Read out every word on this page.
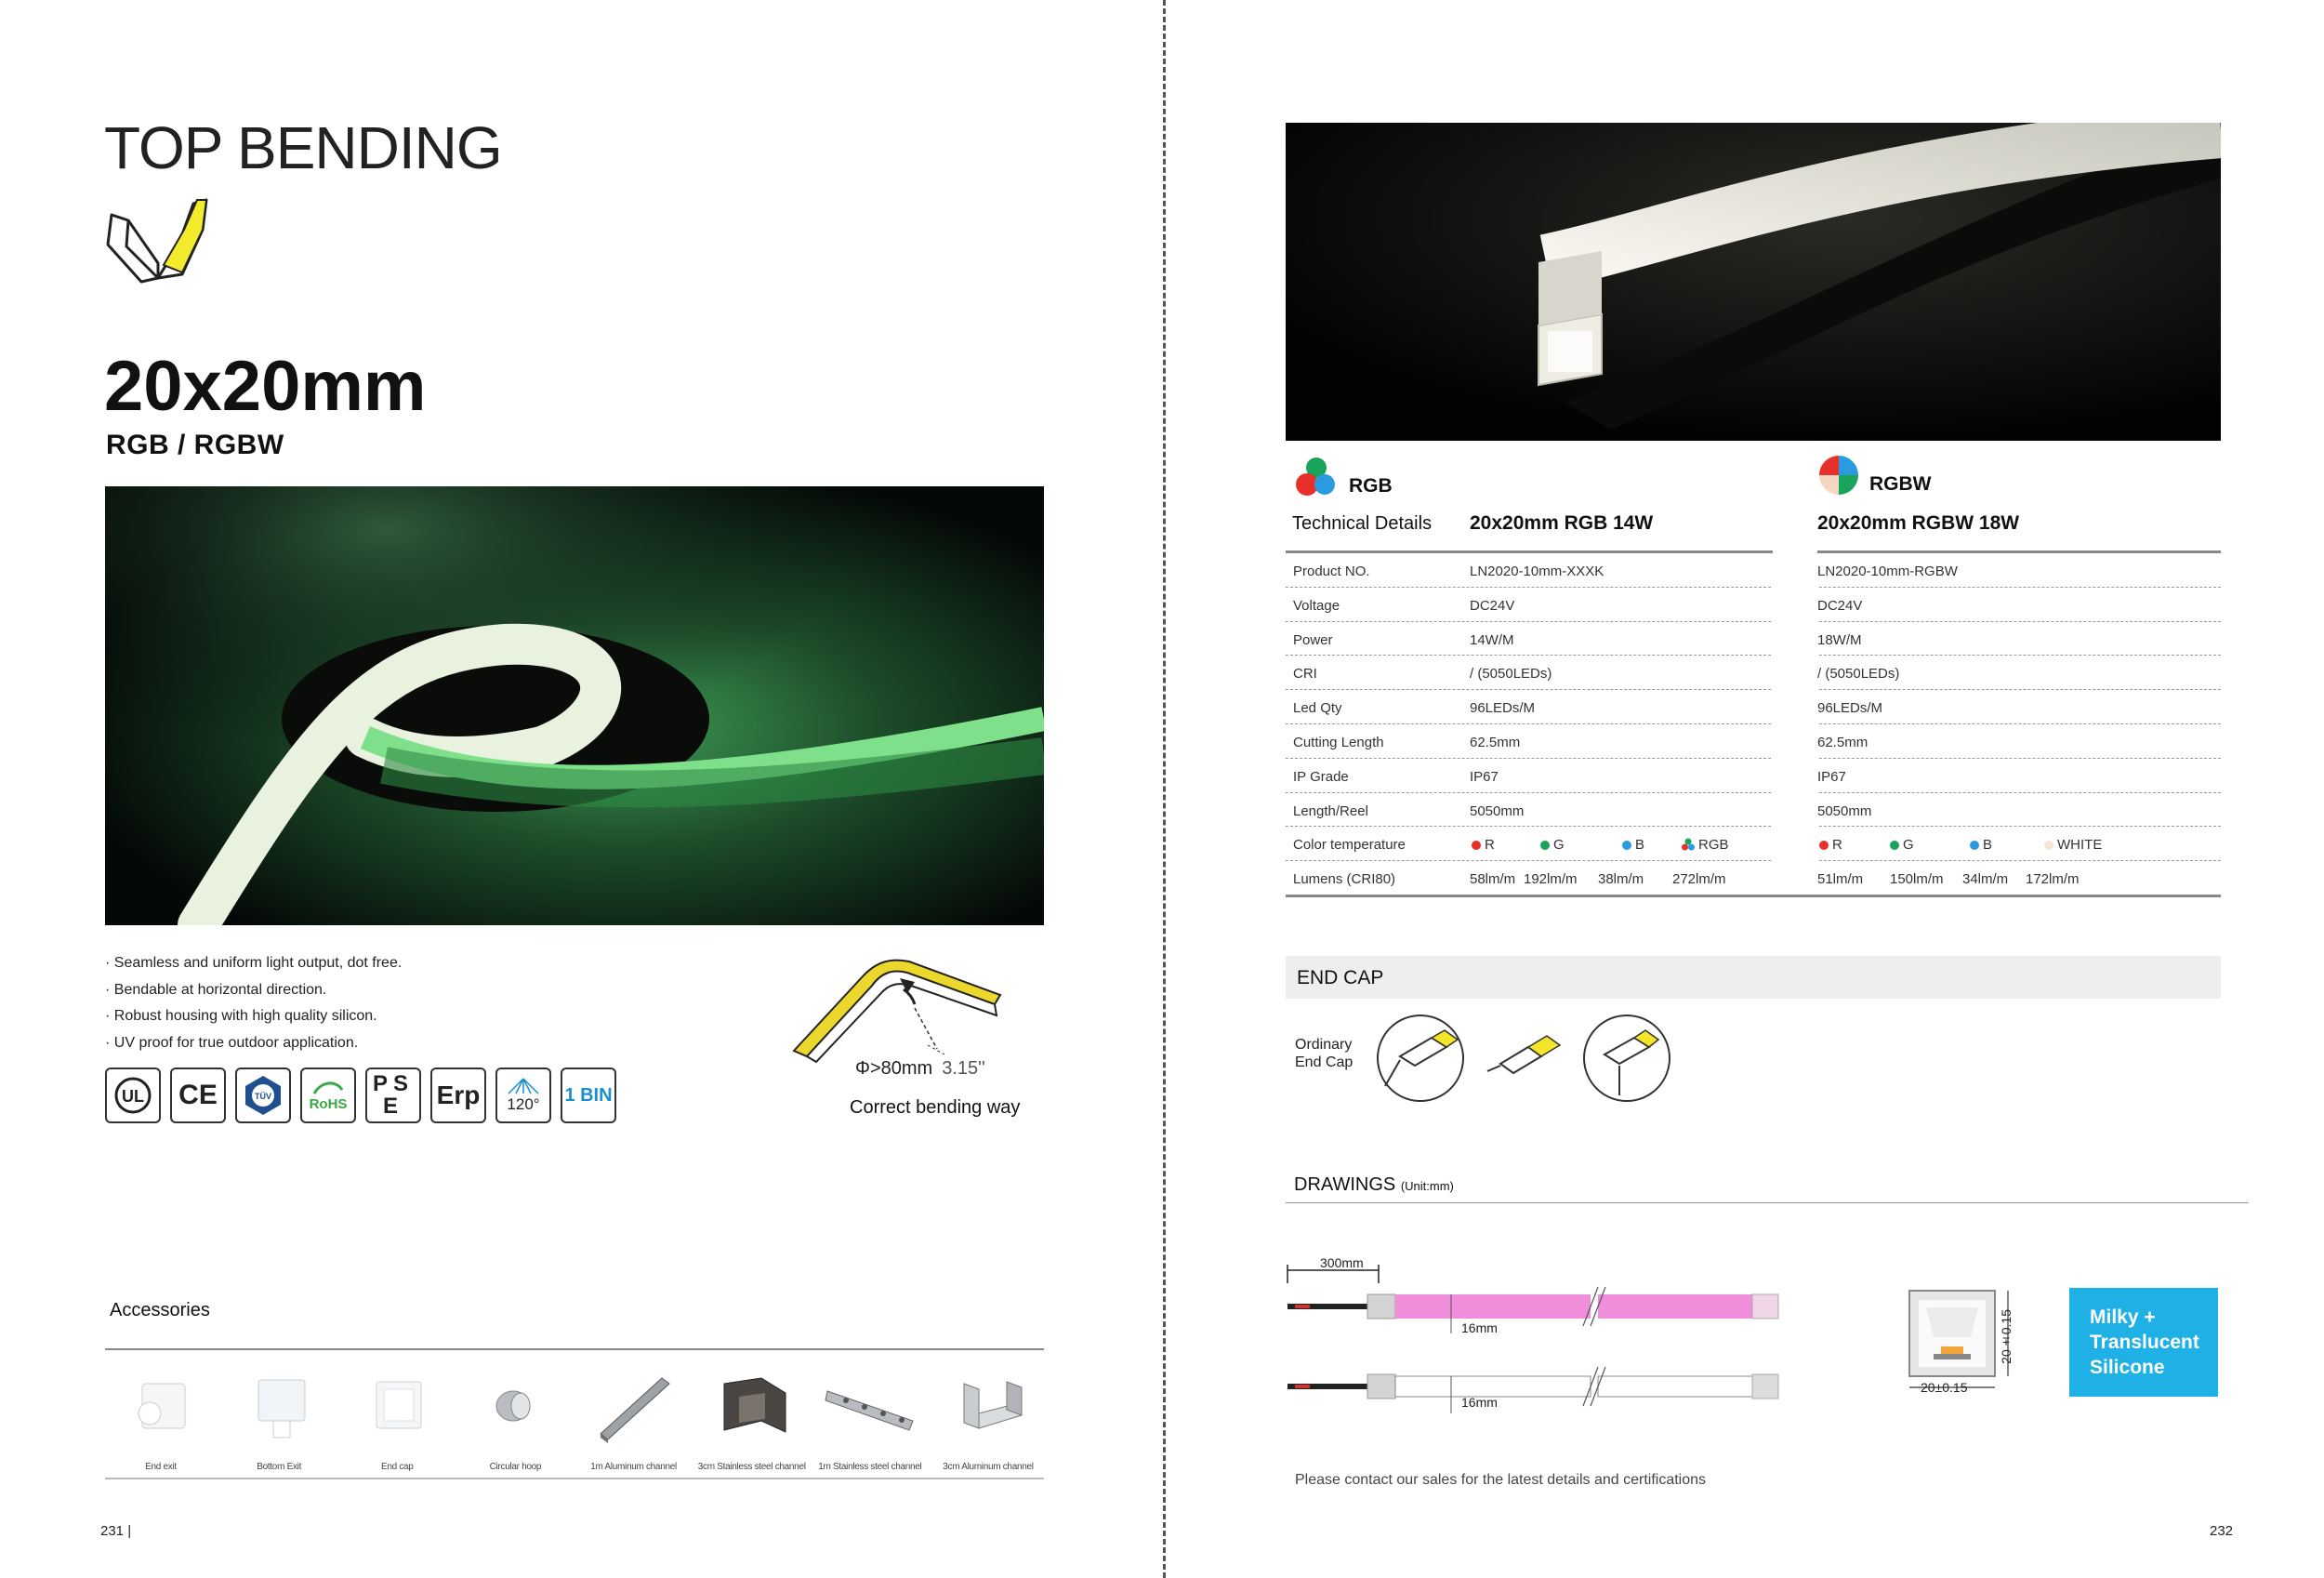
TOP BENDING
20x20mm
RGB / RGBW
· Seamless and uniform light output, dot free.
· Bendable at horizontal direction.
· Robust housing with high quality silicon.
· UV proof for true outdoor application.
UL	CE	TÜV	RoHS
PSE	Erp	120° 1 BIN
Φ>80mm 3.15''
Correct bending way
Accessories
End exit	Bottom Exit	End cap	Circular hoop	1m Aluminum channel 3cm Stainless steel channel 1m Stainless steel channel 3cm Aluminum channel
231 |
RGB	RGBW
Technical Details 20x20mm RGB 14W	20x20mm RGBW 18W
Product NO.	LN2020-10mm-XXXK	LN2020-10mm-RGBW
Voltage	DC24V	DC24V
Power	14W/M	18W/M
CRI	/ (5050LEDs)	/ (5050LEDs)
Led Qty	96LEDs/M	96LEDs/M
Cutting Length	62.5mm	62.5mm
IP Grade	IP67	IP67
Length/Reel	5050mm	5050mm
Color temperature	R	G	B	RGB	R	G	B	WHITE
Lumens (CRI80)	58lm/m 192lm/m 38lm/m 272lm/m	51lm/m 150lm/m 34lm/m 172lm/m
END CAP
Ordinary
End Cap
DRAWINGS (Unit:mm)
300mm
16mm
16mm
20±0.15
20±0.15
Milky +
Translucent
Silicone
Please contact our sales for the latest details and certifications
232
